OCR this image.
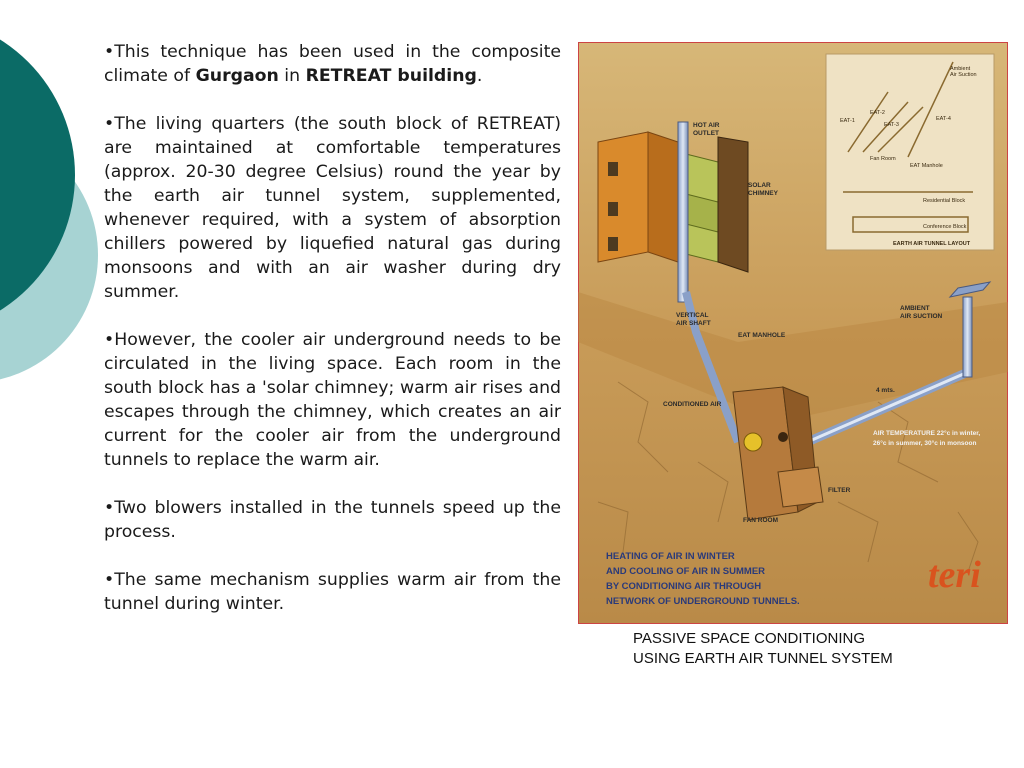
•This technique has been used in the composite climate of Gurgaon in RETREAT building.

•The living quarters (the south block of RETREAT) are maintained at comfortable temperatures (approx. 20-30 degree Celsius) round the year by the earth air tunnel system, supplemented, whenever required, with a system of absorption chillers powered by liquefied natural gas during monsoons and with an air washer during dry summer.

•However, the cooler air underground needs to be circulated in the living space. Each room in the south block has a 'solar chimney; warm air rises and escapes through the chimney, which creates an air current for the cooler air from the underground tunnels to replace the warm air.

•Two blowers installed in the tunnels speed up the process.

•The same mechanism supplies warm air from the tunnel during winter.

HOT AIR OUTLET
SOLAR CHIMNEY
VERTICAL AIR SHAFT
EAT MANHOLE
AMBIENT AIR SUCTION
CONDITIONED AIR
4 mts.
AIR TEMPERATURE 22°c in winter, 26°c in summer, 30°c in monsoon
FILTER
FAN ROOM
Ambient Air Suction
EAT-1
EAT-2
EAT-3
EAT-4
Fan Room
EAT Manhole
Residential Block
Conference Block
EARTH AIR TUNNEL LAYOUT
HEATING OF AIR IN WINTER
AND COOLING OF AIR IN SUMMER
BY CONDITIONING AIR THROUGH
NETWORK OF UNDERGROUND TUNNELS.
teri
PASSIVE SPACE CONDITIONING
USING EARTH AIR TUNNEL SYSTEM
